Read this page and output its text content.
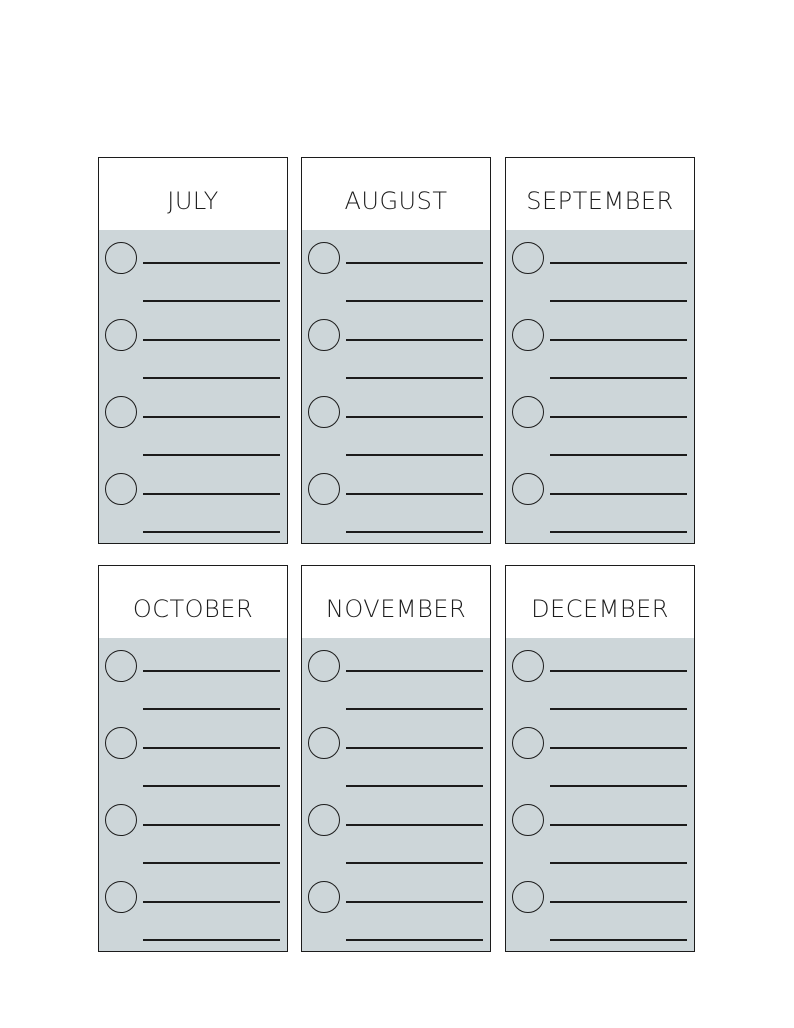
JULY	AUGUST	SEPTEMBER
OCTOBER	NOVEMBER	DECEMBER
